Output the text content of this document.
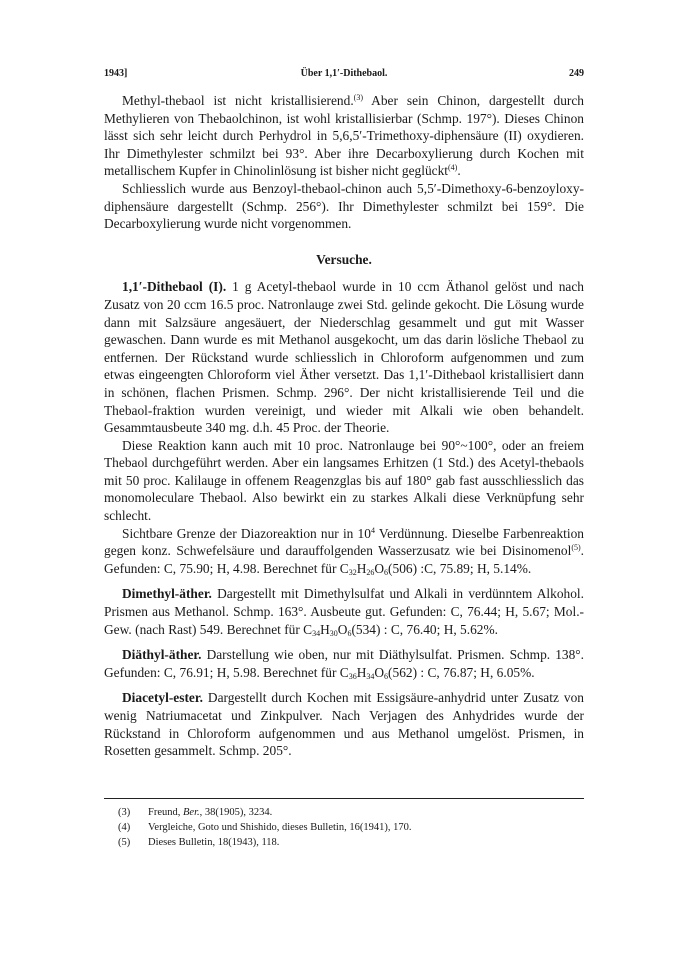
1943]	Über 1,1′-Dithebaol.	249

Methyl-thebaol ist nicht kristallisierend.$^{(3)}$ Aber sein Chinon, dargestellt durch Methylieren von Thebaolchinon, ist wohl kristallisierbar (Schmp. 197°). Dieses Chinon lässt sich sehr leicht durch Perhydrol in 5,6,5′-Trimethoxy-diphensäure (II) oxydieren. Ihr Dimethylester schmilzt bei 93°. Aber ihre Decarboxylierung durch Kochen mit metallischem Kupfer in Chinolinlösung ist bisher nicht geglückt$^{(4)}$.

Schliesslich wurde aus Benzoyl-thebaol-chinon auch 5,5′-Dimethoxy-6-benzoyloxy-diphensäure dargestellt (Schmp. 256°). Ihr Dimethylester schmilzt bei 159°. Die Decarboxylierung wurde nicht vorgenommen.

Versuche.

1,1′-Dithebaol (I). 1 g Acetyl-thebaol wurde in 10 ccm Äthanol gelöst und nach Zusatz von 20 ccm 16.5 proc. Natronlauge zwei Std. gelinde gekocht. Die Lösung wurde dann mit Salzsäure angesäuert, der Niederschlag gesammelt und gut mit Wasser gewaschen. Dann wurde es mit Methanol ausgekocht, um das darin lösliche Thebaol zu entfernen. Der Rückstand wurde schliesslich in Chloroform aufgenommen und zum etwas eingeengten Chloroform viel Äther versetzt. Das 1,1′-Dithebaol kristallisiert dann in schönen, flachen Prismen. Schmp. 296°. Der nicht kristallisierende Teil und die Thebaol-fraktion wurden vereinigt, und wieder mit Alkali wie oben behandelt. Gesammtausbeute 340 mg. d.h. 45 Proc. der Theorie.

Diese Reaktion kann auch mit 10 proc. Natronlauge bei 90°~100°, oder an freiem Thebaol durchgeführt werden. Aber ein langsames Erhitzen (1 Std.) des Acetyl-thebaols mit 50 proc. Kalilauge in offenem Reagenzglas bis auf 180° gab fast ausschliesslich das monomoleculare Thebaol. Also bewirkt ein zu starkes Alkali diese Verknüpfung sehr schlecht.

Sichtbare Grenze der Diazoreaktion nur in $10^4$ Verdünnung. Dieselbe Farbenreaktion gegen konz. Schwefelsäure und darauffolgenden Wasserzusatz wie bei Disinomenol$^{(5)}$. Gefunden: C, 75.90; H, 4.98. Berechnet für $C_{32}H_{26}O_6(506)$ :C, 75.89; H, 5.14%.

Dimethyl-äther. Dargestellt mit Dimethylsulfat und Alkali in verdünntem Alkohol. Prismen aus Methanol. Schmp. 163°. Ausbeute gut. Gefunden: C, 76.44; H, 5.67; Mol.-Gew. (nach Rast) 549. Berechnet für $C_{34}H_{30}O_6(534)$ : C, 76.40; H, 5.62%.

Diäthyl-äther. Darstellung wie oben, nur mit Diäthylsulfat. Prismen. Schmp. 138°. Gefunden: C, 76.91; H, 5.98. Berechnet für $C_{36}H_{34}O_6(562)$ : C, 76.87; H, 6.05%.

Diacetyl-ester. Dargestellt durch Kochen mit Essigsäure-anhydrid unter Zusatz von wenig Natriumacetat und Zinkpulver. Nach Verjagen des Anhydrides wurde der Rückstand in Chloroform aufgenommen und aus Methanol umgelöst. Prismen, in Rosetten gesammelt. Schmp. 205°.

(3) Freund, Ber., 38(1905), 3234.
(4) Vergleiche, Goto und Shishido, dieses Bulletin, 16(1941), 170.
(5) Dieses Bulletin, 18(1943), 118.
